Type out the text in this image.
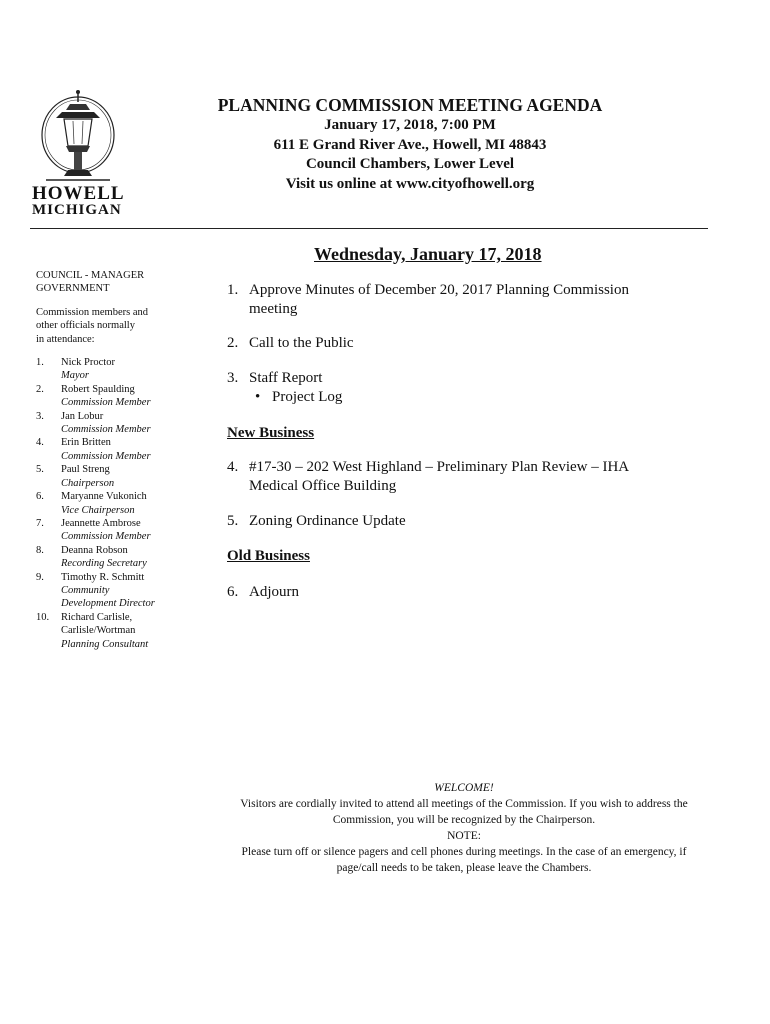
HOWELL
MICHIGAN
PLANNING COMMISSION MEETING AGENDA
January 17, 2018, 7:00 PM
611 E Grand River Ave., Howell, MI 48843
Council Chambers, Lower Level
Visit us online at www.cityofhowell.org
Wednesday, January 17, 2018

COUNCIL - MANAGER

GOVERNMENT

Commission members and

other officials normally

in attendance:

1. Nick Proctor
Mayor
2. Robert Spaulding
Commission Member
3. Jan Lobur
Commission Member
4. Erin Britten
Commission Member
5. Paul Streng
Chairperson
6. Maryanne Vukonich
Vice Chairperson
7. Jeannette Ambrose
Commission Member
8. Deanna Robson
Recording Secretary
9. Timothy R. Schmitt
Community
Development Director
10. Richard Carlisle,
Carlisle/Wortman
Planning Consultant
1. Approve Minutes of December 20, 2017 Planning Commission meeting
2. Call to the Public
3. Staff Report
• Project Log
New Business
4. #17-30 – 202 West Highland – Preliminary Plan Review – IHA Medical Office Building
5. Zoning Ordinance Update
Old Business
6. Adjourn
WELCOME!
Visitors are cordially invited to attend all meetings of the Commission. If you wish to address the Commission, you will be recognized by the Chairperson.
NOTE:
Please turn off or silence pagers and cell phones during meetings. In the case of an emergency, if page/call needs to be taken, please leave the Chambers.
